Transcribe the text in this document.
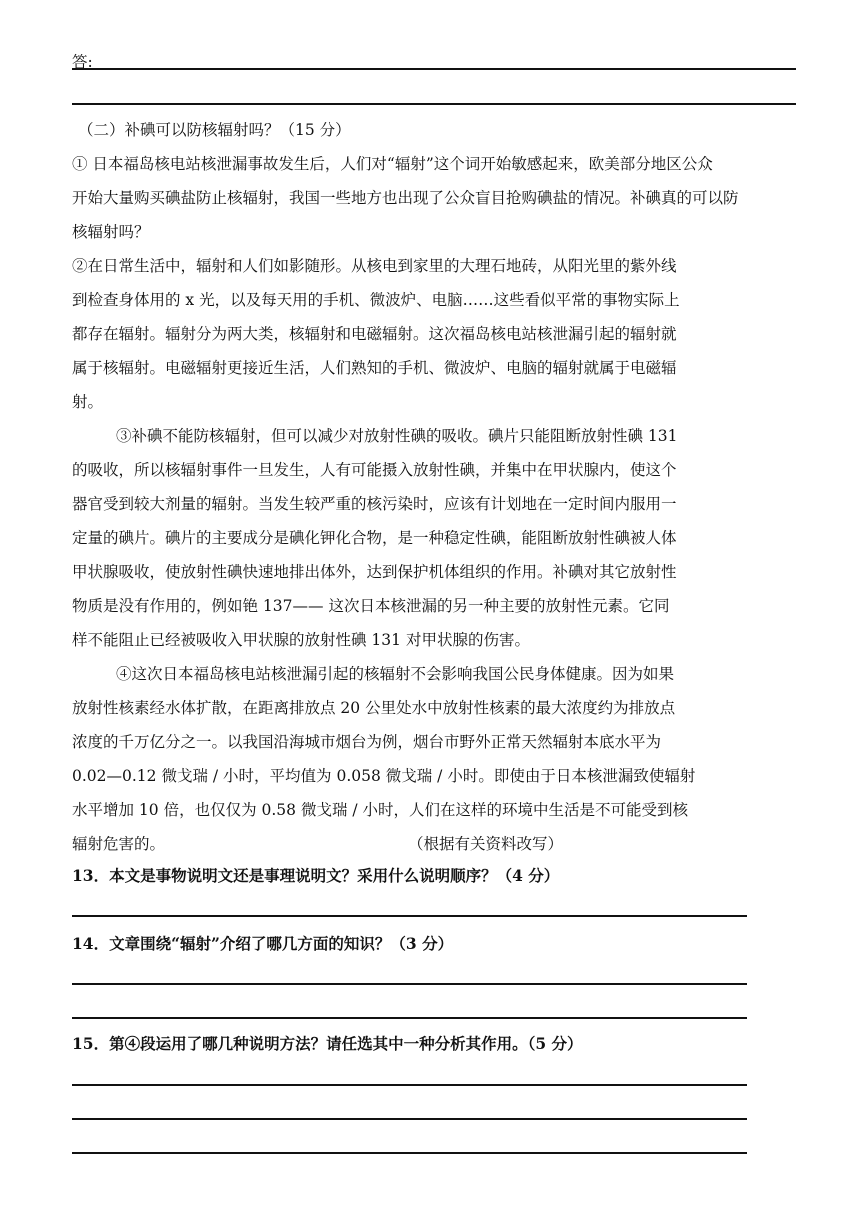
答:
（二）补碘可以防核辐射吗？（15 分）
① 日本福岛核电站核泄漏事故发生后，人们对“辐射”这个词开始敏感起来，欧美部分地区公众
开始大量购买碘盐防止核辐射，我国一些地方也出现了公众盲目抢购碘盐的情况。补碘真的可以防
核辐射吗？
②在日常生活中，辐射和人们如影随形。从核电到家里的大理石地砖，从阳光里的紫外线
到检查身体用的 x 光，以及每天用的手机、微波炉、电脑……这些看似平常的事物实际上
都存在辐射。辐射分为两大类，核辐射和电磁辐射。这次福岛核电站核泄漏引起的辐射就
属于核辐射。电磁辐射更接近生活，人们熟知的手机、微波炉、电脑的辐射就属于电磁辐
射。
③补碘不能防核辐射，但可以减少对放射性碘的吸收。碘片只能阻断放射性碘 131
的吸收，所以核辐射事件一旦发生，人有可能摄入放射性碘，并集中在甲状腺内，使这个
器官受到较大剂量的辐射。当发生较严重的核污染时，应该有计划地在一定时间内服用一
定量的碘片。碘片的主要成分是碘化钾化合物，是一种稳定性碘，能阻断放射性碘被人体
甲状腺吸收，使放射性碘快速地排出体外，达到保护机体组织的作用。补碘对其它放射性
物质是没有作用的，例如铯 137—— 这次日本核泄漏的另一种主要的放射性元素。它同
样不能阻止已经被吸收入甲状腺的放射性碘 131 对甲状腺的伤害。
④这次日本福岛核电站核泄漏引起的核辐射不会影响我国公民身体健康。因为如果
放射性核素经水体扩散，在距离排放点 20 公里处水中放射性核素的最大浓度约为排放点
浓度的千万亿分之一。以我国沿海城市烟台为例，烟台市野外正常天然辐射本底水平为
0.02—0.12 微戈瑞 / 小时，平均值为 0.058 微戈瑞 / 小时。即使由于日本核泄漏致使辐射
水平增加 10 倍，也仅仅为 0.58 微戈瑞 / 小时，人们在这样的环境中生活是不可能受到核
辐射危害的。	（根据有关资料改写）
13．本文是事物说明文还是事理说明文？采用什么说明顺序？（4 分）
14．文章围绕“辐射”介绍了哪几方面的知识？（3 分）
15．第④段运用了哪几种说明方法？请任选其中一种分析其作用。（5 分）
